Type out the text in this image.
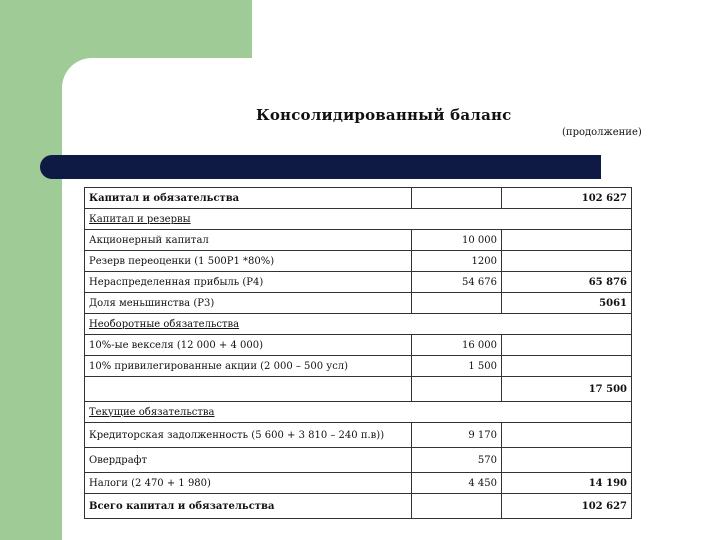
Консолидированный баланс
(продолжение)
Капитал и обязательства		102 627
Капитал и резервы		
Акционерный капитал	10 000	
Резерв переоценки (1 500Р1 *80%)	1200	
Нераспределенная прибыль (Р4)	54 676	65 876
Доля меньшинства (Р3)		5061
Необоротные обязательства		
10%-ые векселя (12 000 + 4 000)	16 000	
10% привилегированные акции (2 000 – 500 усл)	1 500	
		17 500
Текущие обязательства		
Кредиторская задолженность (5 600 + 3 810 – 240 п.в))	9 170	
Овердрафт	570	
Налоги (2 470 + 1 980)	4 450	14 190
Всего капитал и обязательства		102 627
